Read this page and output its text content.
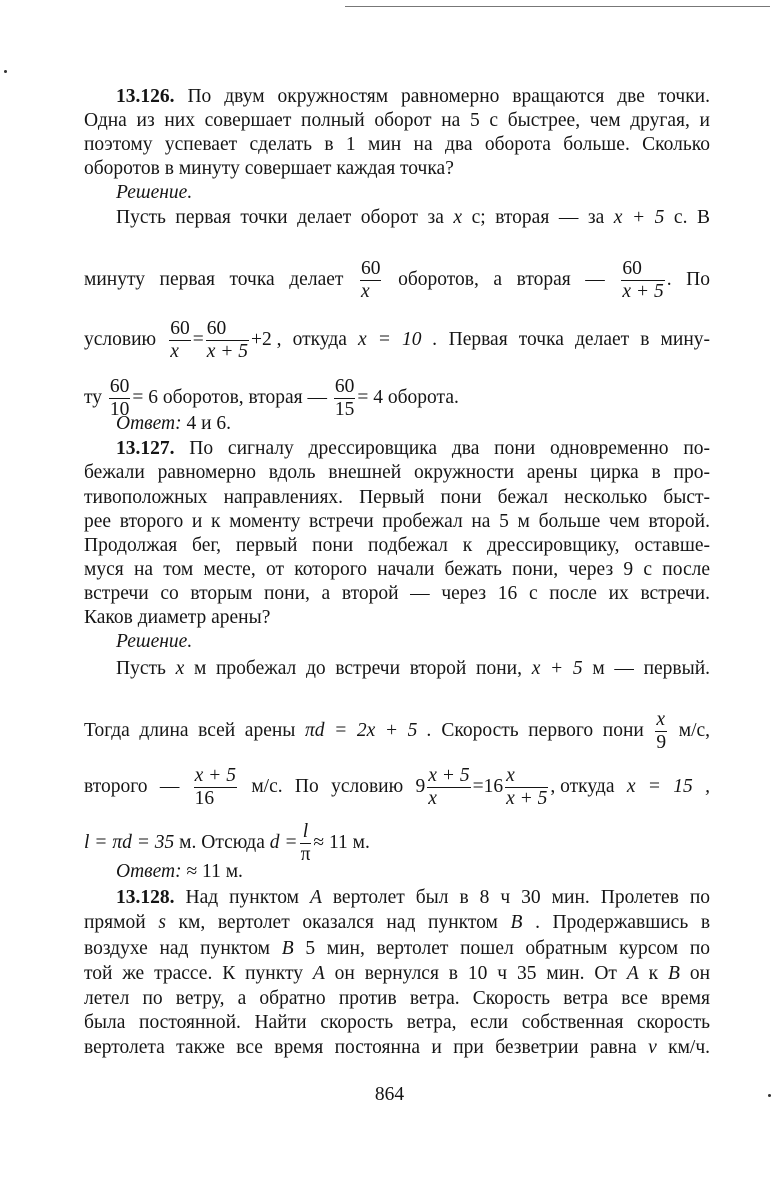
13.126. По двум окружностям равномерно вращаются две точки.
Одна из них совершает полный оборот на 5 с быстрее, чем другая, и
поэтому успевает сделать в 1 мин на два оборота больше. Сколько
оборотов в минуту совершает каждая точка?
Решение.
Пусть первая точки делает оборот за x с; вторая — за x + 5 с. В
минуту первая точка делает $\frac{60}{x}$ оборотов, а вторая — $\frac{60}{x + 5}$ . По
условию $\frac{60}{x} = \frac{60}{x + 5} +2$ , откуда x = 10 . Первая точка делает в мину-
ту $\frac{60}{10} = 6$ оборотов, вторая — $\frac{60}{15} = 4$ оборота.
Ответ: 4 и 6.
13.127. По сигналу дрессировщика два пони одновременно по-
бежали равномерно вдоль внешней окружности арены цирка в про-
тивоположных направлениях. Первый пони бежал несколько быст-
рее второго и к моменту встречи пробежал на 5 м больше чем второй.
Продолжая бег, первый пони подбежал к дрессировщику, оставше-
муся на том месте, от которого начали бежать пони, через 9 с после
встречи со вторым пони, а второй — через 16 с после их встречи.
Каков диаметр арены?
Решение.
Пусть x м пробежал до встречи второй пони, x + 5 м — первый.
Тогда длина всей арены πd = 2x + 5 . Скорость первого пони $\frac{x}{9} м/с$,
второго — $\frac{x + 5}{16} м/с$. По условию $9 \frac{x + 5}{x} = 16 \frac{x}{x + 5}$ , откуда x = 15 ,
l = πd = 35 м. Отсюда $d = \frac{l}{\pi} \approx 11$ м.
Ответ: ≈ 11 м.
13.128. Над пунктом A вертолет был в 8 ч 30 мин. Пролетев по
прямой s км, вертолет оказался над пунктом B . Продержавшись в
воздухе над пунктом B 5 мин, вертолет пошел обратным курсом по
той же трассе. К пункту A он вернулся в 10 ч 35 мин. От A к B он
летел по ветру, а обратно против ветра. Скорость ветра все время
была постоянной. Найти скорость ветра, если собственная скорость
вертолета также все время постоянна и при безветрии равна v км/ч.
864
